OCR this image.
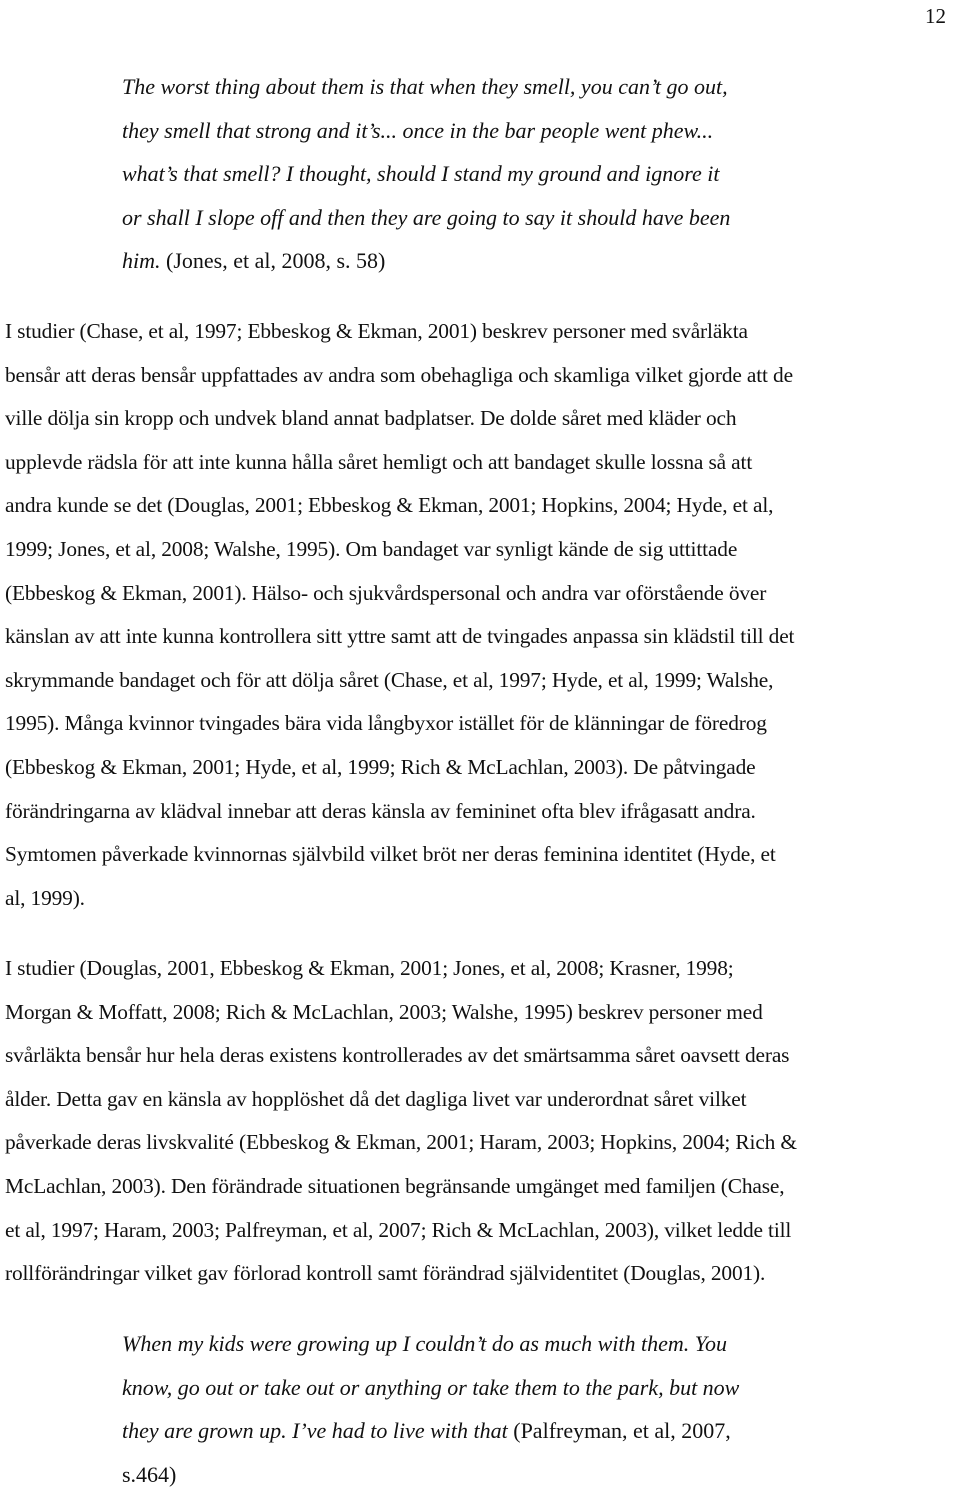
12
The worst thing about them is that when they smell, you can’t go out,
they smell that strong and it’s... once in the bar people went phew...
what’s that smell? I thought, should I stand my ground and ignore it
or shall I slope off and then they are going to say it should have been
him. (Jones, et al, 2008, s. 58)
I studier (Chase, et al, 1997; Ebbeskog & Ekman, 2001) beskrev personer med svårläkta
bensår att deras bensår uppfattades av andra som obehagliga och skamliga vilket gjorde att de
ville dölja sin kropp och undvek bland annat badplatser. De dolde såret med kläder och
upplevde rädsla för att inte kunna hålla såret hemligt och att bandaget skulle lossna så att
andra kunde se det (Douglas, 2001; Ebbeskog & Ekman, 2001; Hopkins, 2004; Hyde, et al,
1999; Jones, et al, 2008; Walshe, 1995). Om bandaget var synligt kände de sig uttittade
(Ebbeskog & Ekman, 2001). Hälso- och sjukvårdspersonal och andra var oförstående över
känslan av att inte kunna kontrollera sitt yttre samt att de tvingades anpassa sin klädstil till det
skrymmande bandaget och för att dölja såret (Chase, et al, 1997; Hyde, et al, 1999; Walshe,
1995). Många kvinnor tvingades bära vida långbyxor istället för de klänningar de föredrog
(Ebbeskog & Ekman, 2001; Hyde, et al, 1999; Rich & McLachlan, 2003). De påtvingade
förändringarna av klädval innebar att deras känsla av femininet ofta blev ifrågasatt andra.
Symtomen påverkade kvinnornas självbild vilket bröt ner deras feminina identitet (Hyde, et
al, 1999).
I studier (Douglas, 2001, Ebbeskog & Ekman, 2001; Jones, et al, 2008; Krasner, 1998;
Morgan & Moffatt, 2008; Rich & McLachlan, 2003; Walshe, 1995) beskrev personer med
svårläkta bensår hur hela deras existens kontrollerades av det smärtsamma såret oavsett deras
ålder. Detta gav en känsla av hopplöshet då det dagliga livet var underordnat såret vilket
påverkade deras livskvalité (Ebbeskog & Ekman, 2001; Haram, 2003; Hopkins, 2004; Rich &
McLachlan, 2003). Den förändrade situationen begränsande umgänget med familjen (Chase,
et al, 1997; Haram, 2003; Palfreyman, et al, 2007; Rich & McLachlan, 2003), vilket ledde till
rollförändringar vilket gav förlorad kontroll samt förändrad självidentitet (Douglas, 2001).
When my kids were growing up I couldn’t do as much with them. You
know, go out or take out or anything or take them to the park, but now
they are grown up. I’ve had to live with that (Palfreyman, et al, 2007,
s.464)
